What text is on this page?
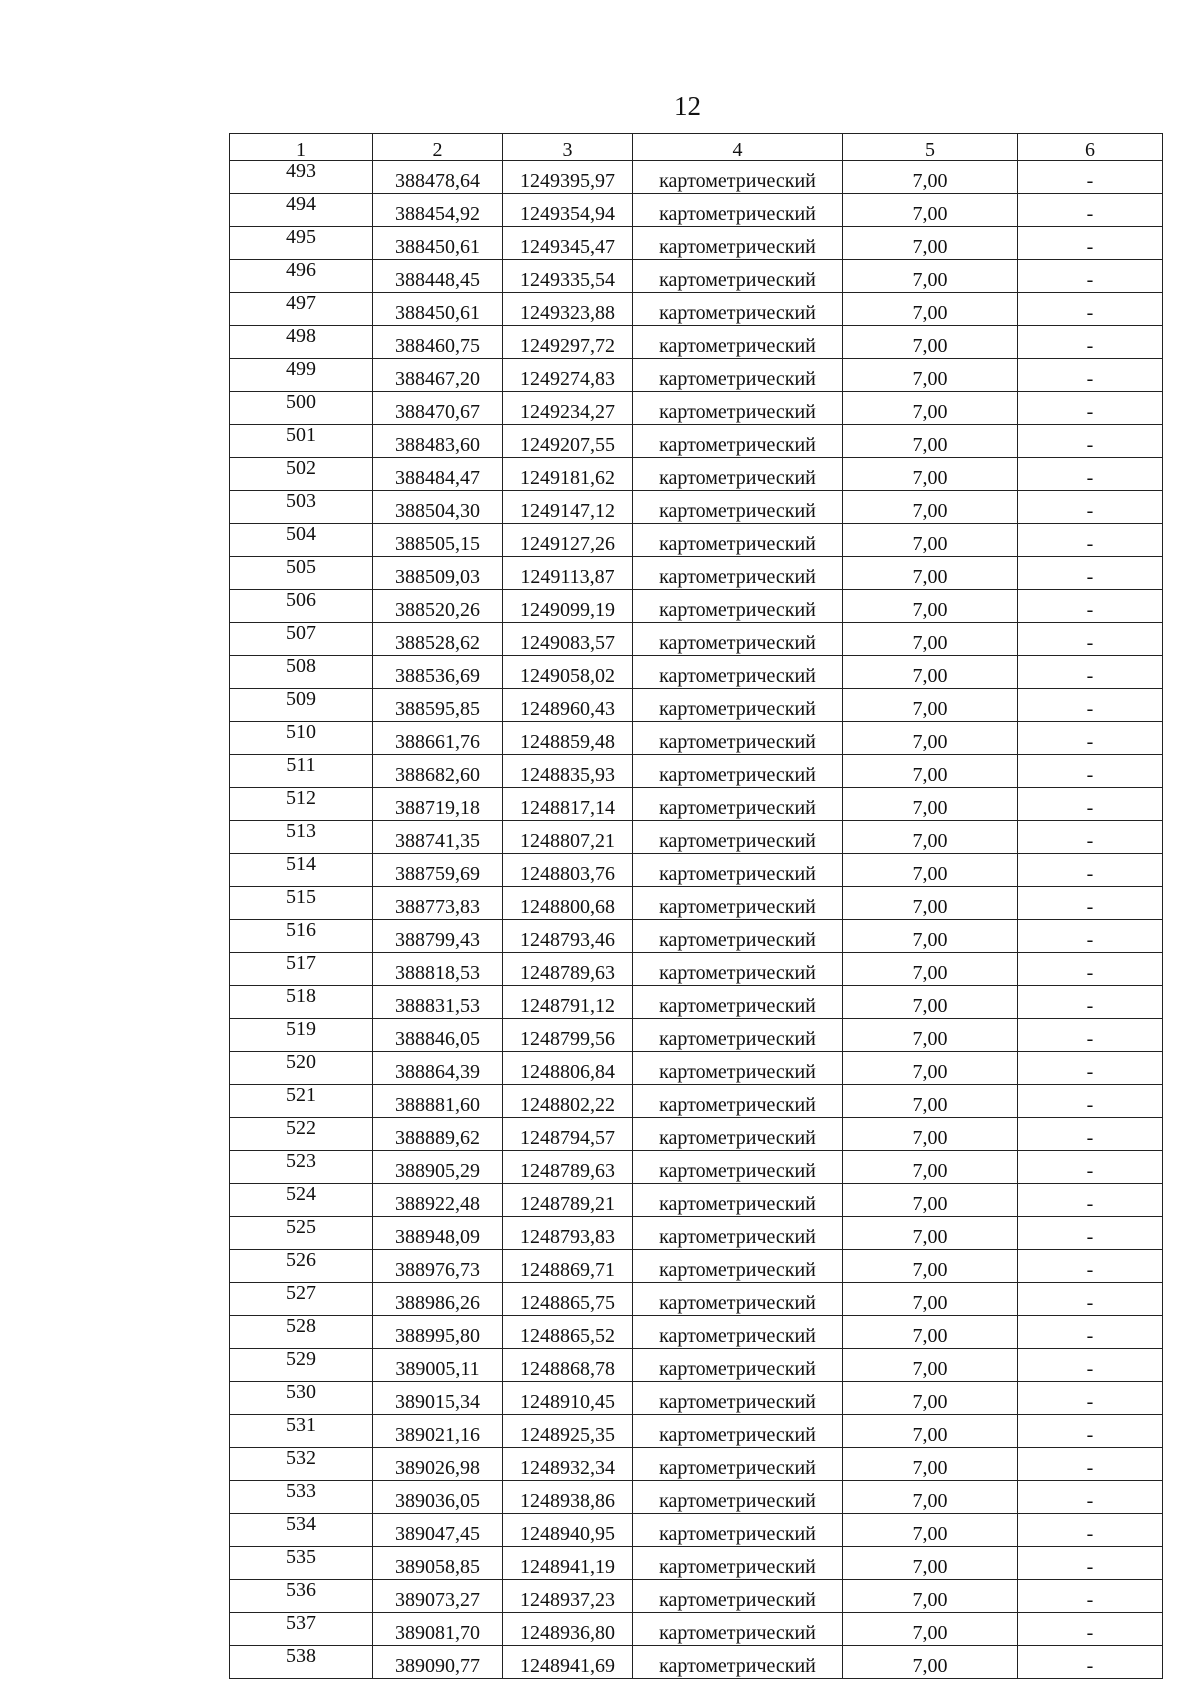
12
1	2	3	4	5	6
493	388478,64	1249395,97	картометрический	7,00	-
494	388454,92	1249354,94	картометрический	7,00	-
495	388450,61	1249345,47	картометрический	7,00	-
496	388448,45	1249335,54	картометрический	7,00	-
497	388450,61	1249323,88	картометрический	7,00	-
498	388460,75	1249297,72	картометрический	7,00	-
499	388467,20	1249274,83	картометрический	7,00	-
500	388470,67	1249234,27	картометрический	7,00	-
501	388483,60	1249207,55	картометрический	7,00	-
502	388484,47	1249181,62	картометрический	7,00	-
503	388504,30	1249147,12	картометрический	7,00	-
504	388505,15	1249127,26	картометрический	7,00	-
505	388509,03	1249113,87	картометрический	7,00	-
506	388520,26	1249099,19	картометрический	7,00	-
507	388528,62	1249083,57	картометрический	7,00	-
508	388536,69	1249058,02	картометрический	7,00	-
509	388595,85	1248960,43	картометрический	7,00	-
510	388661,76	1248859,48	картометрический	7,00	-
511	388682,60	1248835,93	картометрический	7,00	-
512	388719,18	1248817,14	картометрический	7,00	-
513	388741,35	1248807,21	картометрический	7,00	-
514	388759,69	1248803,76	картометрический	7,00	-
515	388773,83	1248800,68	картометрический	7,00	-
516	388799,43	1248793,46	картометрический	7,00	-
517	388818,53	1248789,63	картометрический	7,00	-
518	388831,53	1248791,12	картометрический	7,00	-
519	388846,05	1248799,56	картометрический	7,00	-
520	388864,39	1248806,84	картометрический	7,00	-
521	388881,60	1248802,22	картометрический	7,00	-
522	388889,62	1248794,57	картометрический	7,00	-
523	388905,29	1248789,63	картометрический	7,00	-
524	388922,48	1248789,21	картометрический	7,00	-
525	388948,09	1248793,83	картометрический	7,00	-
526	388976,73	1248869,71	картометрический	7,00	-
527	388986,26	1248865,75	картометрический	7,00	-
528	388995,80	1248865,52	картометрический	7,00	-
529	389005,11	1248868,78	картометрический	7,00	-
530	389015,34	1248910,45	картометрический	7,00	-
531	389021,16	1248925,35	картометрический	7,00	-
532	389026,98	1248932,34	картометрический	7,00	-
533	389036,05	1248938,86	картометрический	7,00	-
534	389047,45	1248940,95	картометрический	7,00	-
535	389058,85	1248941,19	картометрический	7,00	-
536	389073,27	1248937,23	картометрический	7,00	-
537	389081,70	1248936,80	картометрический	7,00	-
538	389090,77	1248941,69	картометрический	7,00	-
